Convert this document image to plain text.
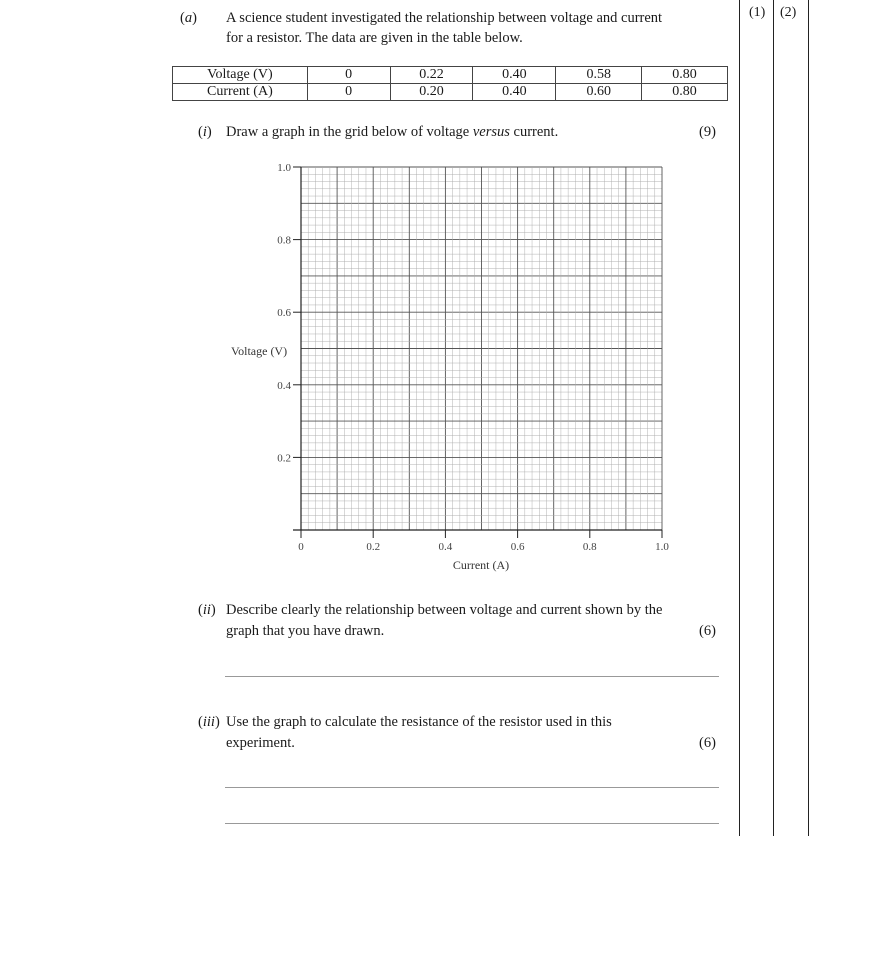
(1) (2)
(a) A science student investigated the relationship between voltage and current
for a resistor. The data are given in the table below.
Voltage (V)	0	0.22	0.40	0.58	0.80
Current (A)	0	0.20	0.40	0.60	0.80
(i) Draw a graph in the grid below of voltage versus current.	(9)
1.0
0.8
0.6
0.4
0.2
0	0.2	0.4	0.6	0.8	1.0
Voltage (V)
Current (A)
(ii) Describe clearly the relationship between voltage and current shown by the
graph that you have drawn.	(6)
(iii) Use the graph to calculate the resistance of the resistor used in this
experiment.	(6)
